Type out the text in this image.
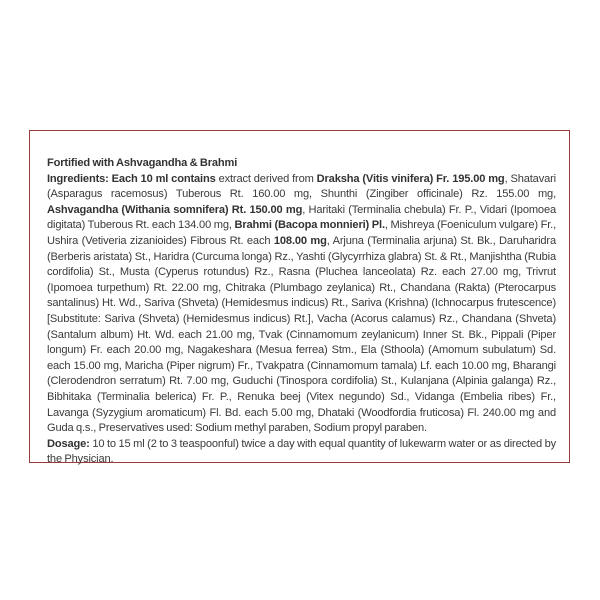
Fortified with Ashvagandha & Brahmi

Ingredients: Each 10 ml contains extract derived from Draksha (Vitis vinifera) Fr. 195.00 mg, Shatavari (Asparagus racemosus) Tuberous Rt. 160.00 mg, Shunthi (Zingiber officinale) Rz. 155.00 mg, Ashvagandha (Withania somnifera) Rt. 150.00 mg, Haritaki (Terminalia chebula) Fr. P., Vidari (Ipomoea digitata) Tuberous Rt. each 134.00 mg, Brahmi (Bacopa monnieri) Pl., Mishreya (Foeniculum vulgare) Fr., Ushira (Vetiveria zizanioides) Fibrous Rt. each 108.00 mg, Arjuna (Terminalia arjuna) St. Bk., Daruharidra (Berberis aristata) St., Haridra (Curcuma longa) Rz., Yashti (Glycyrrhiza glabra) St. & Rt., Manjishtha (Rubia cordifolia) St., Musta (Cyperus rotundus) Rz., Rasna (Pluchea lanceolata) Rz. each 27.00 mg, Trivrut (Ipomoea turpethum) Rt. 22.00 mg, Chitraka (Plumbago zeylanica) Rt., Chandana (Rakta) (Pterocarpus santalinus) Ht. Wd., Sariva (Shveta) (Hemidesmus indicus) Rt., Sariva (Krishna) (Ichnocarpus frutescence) [Substitute: Sariva (Shveta) (Hemidesmus indicus) Rt.], Vacha (Acorus calamus) Rz., Chandana (Shveta) (Santalum album) Ht. Wd. each 21.00 mg, Tvak (Cinnamomum zeylanicum) Inner St. Bk., Pippali (Piper longum) Fr. each 20.00 mg, Nagakeshara (Mesua ferrea) Stm., Ela (Sthoola) (Amomum subulatum) Sd. each 15.00 mg, Maricha (Piper nigrum) Fr., Tvakpatra (Cinnamomum tamala) Lf. each 10.00 mg, Bharangi (Clerodendron serratum) Rt. 7.00 mg, Guduchi (Tinospora cordifolia) St., Kulanjana (Alpinia galanga) Rz., Bibhitaka (Terminalia belerica) Fr. P., Renuka beej (Vitex negundo) Sd., Vidanga (Embelia ribes) Fr., Lavanga (Syzygium aromaticum) Fl. Bd. each 5.00 mg, Dhataki (Woodfordia fruticosa) Fl. 240.00 mg and Guda q.s., Preservatives used: Sodium methyl paraben, Sodium propyl paraben.

Dosage: 10 to 15 ml (2 to 3 teaspoonful) twice a day with equal quantity of lukewarm water or as directed by the Physician.
